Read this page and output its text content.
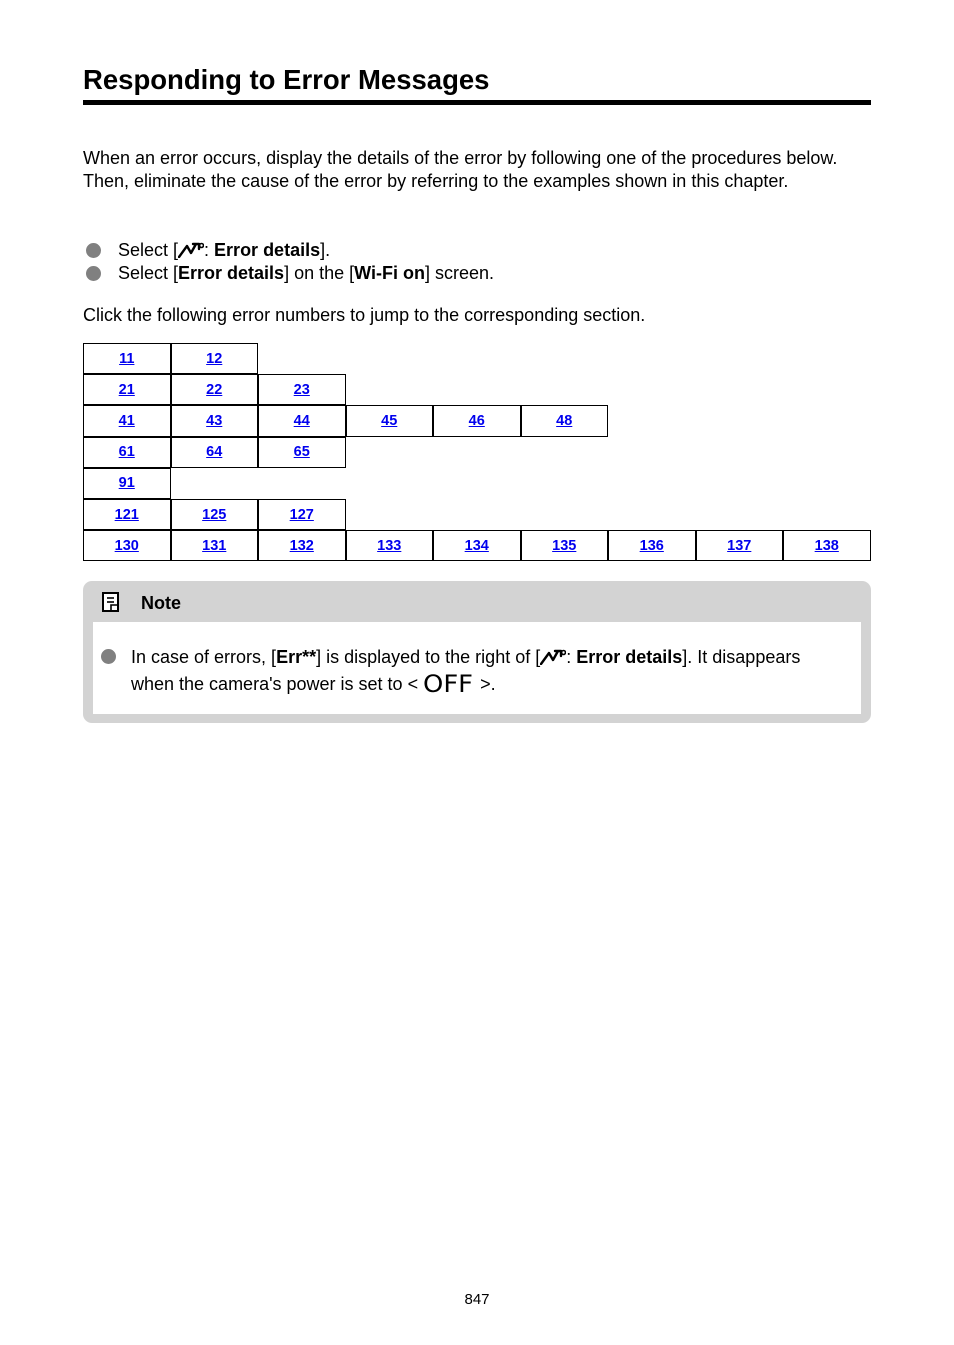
Responding to Error Messages

When an error occurs, display the details of the error by following one of the procedures below. Then, eliminate the cause of the error by referring to the examples shown in this chapter.

Select [ : Error details].
Select [Error details] on the [Wi-Fi on] screen.

Click the following error numbers to jump to the corresponding section.

11	12
21	22	23
41	43	44	45	46	48
61	64	65
91
121	125	127
130	131	132	133	134	135	136	137	138
Note

In case of errors, [Err**] is displayed to the right of [ : Error details]. It disappears when the camera's power is set to < OFF >.

847
